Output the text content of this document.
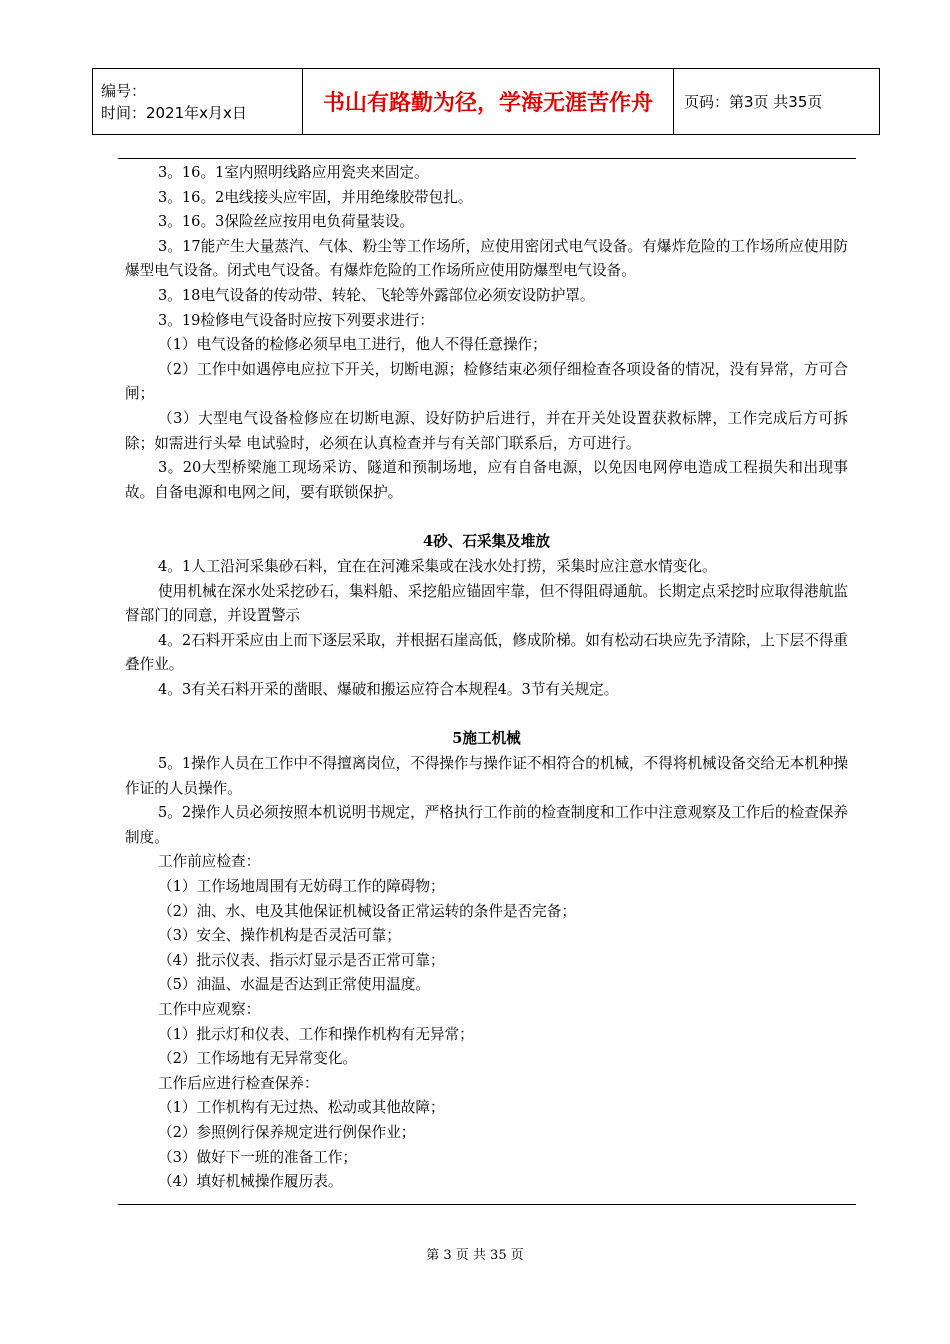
编号：
时间：2021年x月x日	书山有路勤为径，学海无涯苦作舟	页码：第3页 共35页

3。16。1室内照明线路应用瓷夹来固定。

3。16。2电线接头应牢固，并用绝缘胶带包扎。

3。16。3保险丝应按用电负荷量装设。

3。17能产生大量蒸汽、气体、粉尘等工作场所，应使用密闭式电气设备。有爆炸危险的工作场所应使用防爆型电气设备。闭式电气设备。有爆炸危险的工作场所应使用防爆型电气设备。

3。18电气设备的传动带、转轮、飞轮等外露部位必须安设防护罩。

3。19检修电气设备时应按下列要求进行：

（1）电气设备的检修必须早电工进行，他人不得任意操作；

（2）工作中如遇停电应拉下开关，切断电源；检修结束必须仔细检查各项设备的情况，没有异常，方可合闸；

（3）大型电气设备检修应在切断电源、设好防护后进行，并在开关处设置获救标牌，工作完成后方可拆除；如需进行头晕 电试验时，必须在认真检查并与有关部门联系后，方可进行。

3。20大型桥梁施工现场采访、隧道和预制场地，应有自备电源，以免因电网停电造成工程损失和出现事故。自备电源和电网之间，要有联锁保护。

4砂、石采集及堆放

4。1人工沿河采集砂石料，宜在在河滩采集或在浅水处打捞，采集时应注意水情变化。

使用机械在深水处采挖砂石，集料船、采挖船应锚固牢靠，但不得阻碍通航。长期定点采挖时应取得港航监督部门的同意，并设置警示

4。2石料开采应由上而下逐层采取，并根据石崖高低，修成阶梯。如有松动石块应先予清除，上下层不得重叠作业。

4。3有关石料开采的凿眼、爆破和搬运应符合本规程4。3节有关规定。

5施工机械

5。1操作人员在工作中不得擅离岗位，不得操作与操作证不相符合的机械，不得将机械设备交给无本机种操作证的人员操作。

5。2操作人员必须按照本机说明书规定，严格执行工作前的检查制度和工作中注意观察及工作后的检查保养制度。

工作前应检查：

（1）工作场地周围有无妨碍工作的障碍物；

（2）油、水、电及其他保证机械设备正常运转的条件是否完备；

（3）安全、操作机构是否灵活可靠；

（4）批示仪表、指示灯显示是否正常可靠；

（5）油温、水温是否达到正常使用温度。

工作中应观察：

（1）批示灯和仪表、工作和操作机构有无异常；

（2）工作场地有无异常变化。

工作后应进行检查保养：

（1）工作机构有无过热、松动或其他故障；

（2）参照例行保养规定进行例保作业；

（3）做好下一班的准备工作；

（4）填好机械操作履历表。

第 3 页 共 35 页
